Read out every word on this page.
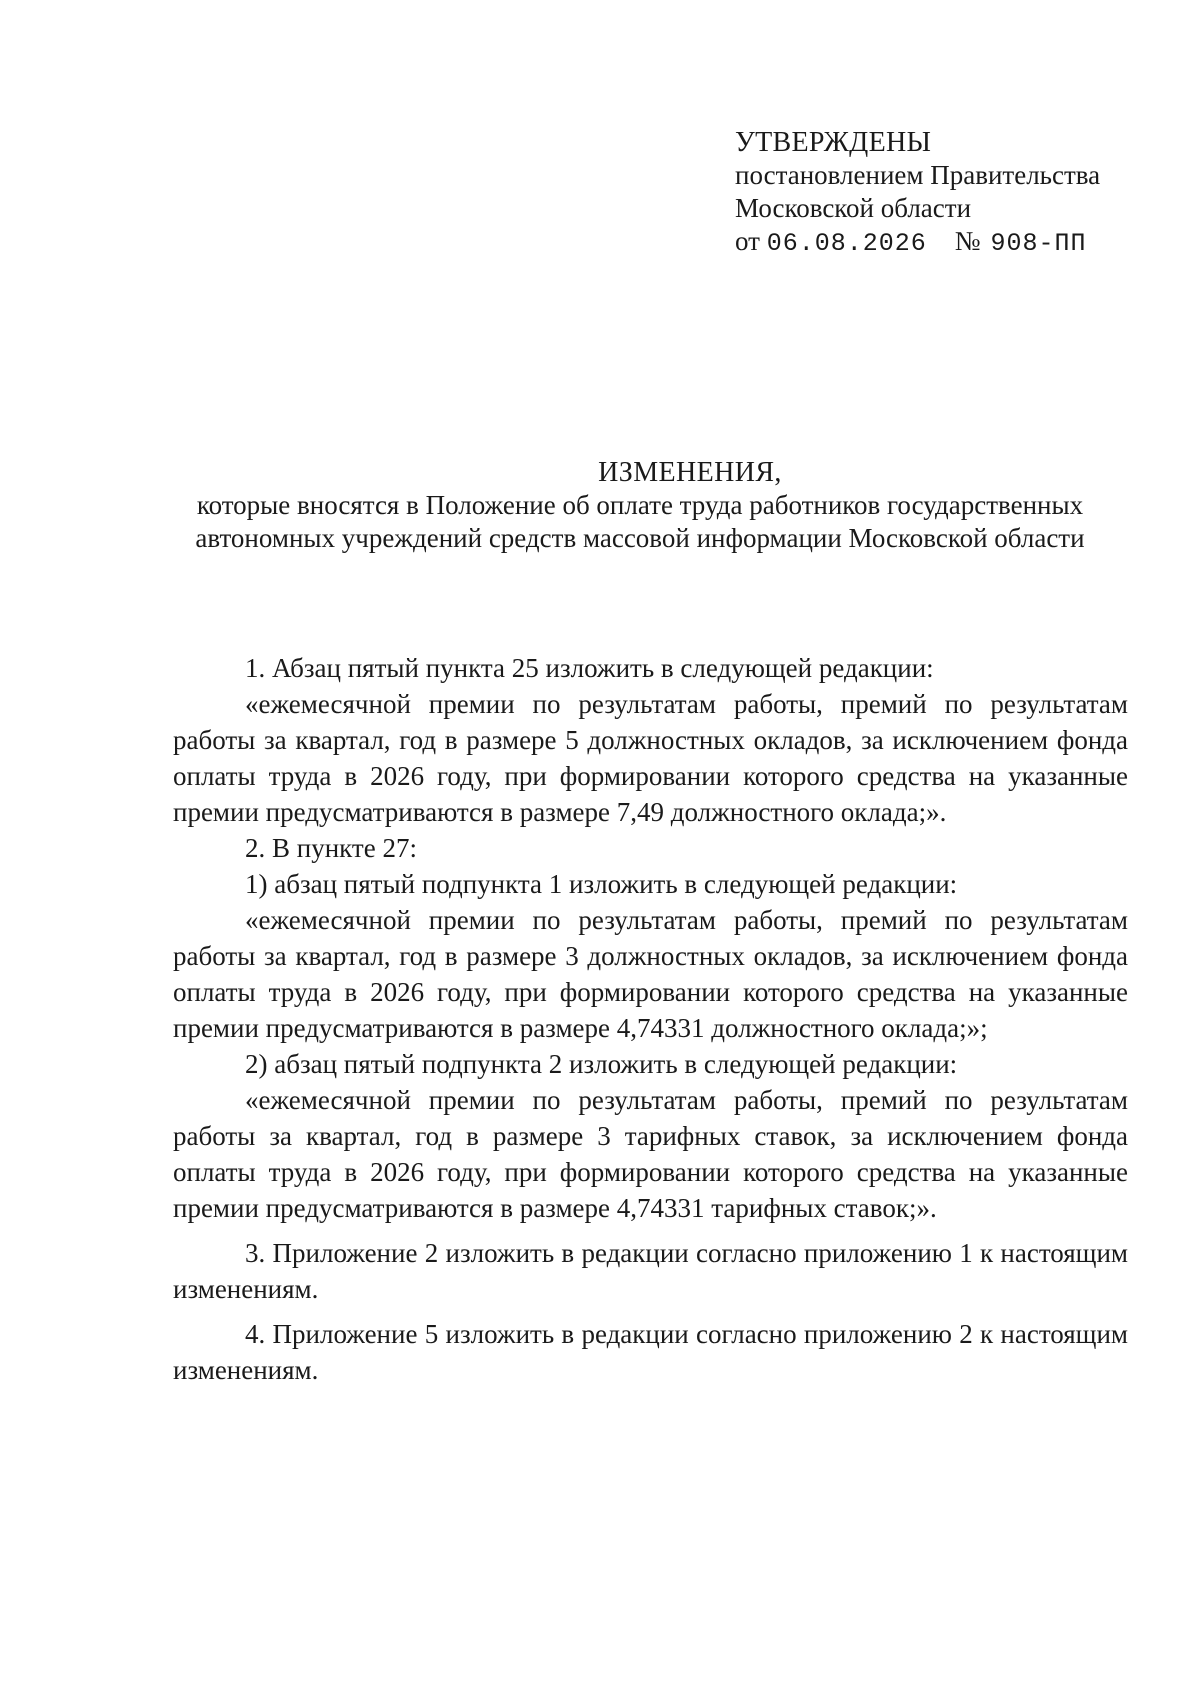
УТВЕРЖДЕНЫ
постановлением Правительства
Московской области
от 06.08.2026 № 908-ПП
ИЗМЕНЕНИЯ,
которые вносятся в Положение об оплате труда работников государственных
автономных учреждений средств массовой информации Московской области

1. Абзац пятый пункта 25 изложить в следующей редакции:

«ежемесячной премии по результатам работы, премий по результатам работы за квартал, год в размере 5 должностных окладов, за исключением фонда оплаты труда в 2026 году, при формировании которого средства на указанные премии предусматриваются в размере 7,49 должностного оклада;».

2. В пункте 27:

1) абзац пятый подпункта 1 изложить в следующей редакции:

«ежемесячной премии по результатам работы, премий по результатам работы за квартал, год в размере 3 должностных окладов, за исключением фонда оплаты труда в 2026 году, при формировании которого средства на указанные премии предусматриваются в размере 4,74331 должностного оклада;»;

2) абзац пятый подпункта 2 изложить в следующей редакции:

«ежемесячной премии по результатам работы, премий по результатам работы за квартал, год в размере 3 тарифных ставок, за исключением фонда оплаты труда в 2026 году, при формировании которого средства на указанные премии предусматриваются в размере 4,74331 тарифных ставок;».

3. Приложение 2 изложить в редакции согласно приложению 1 к настоящим изменениям.

4. Приложение 5 изложить в редакции согласно приложению 2 к настоящим изменениям.
